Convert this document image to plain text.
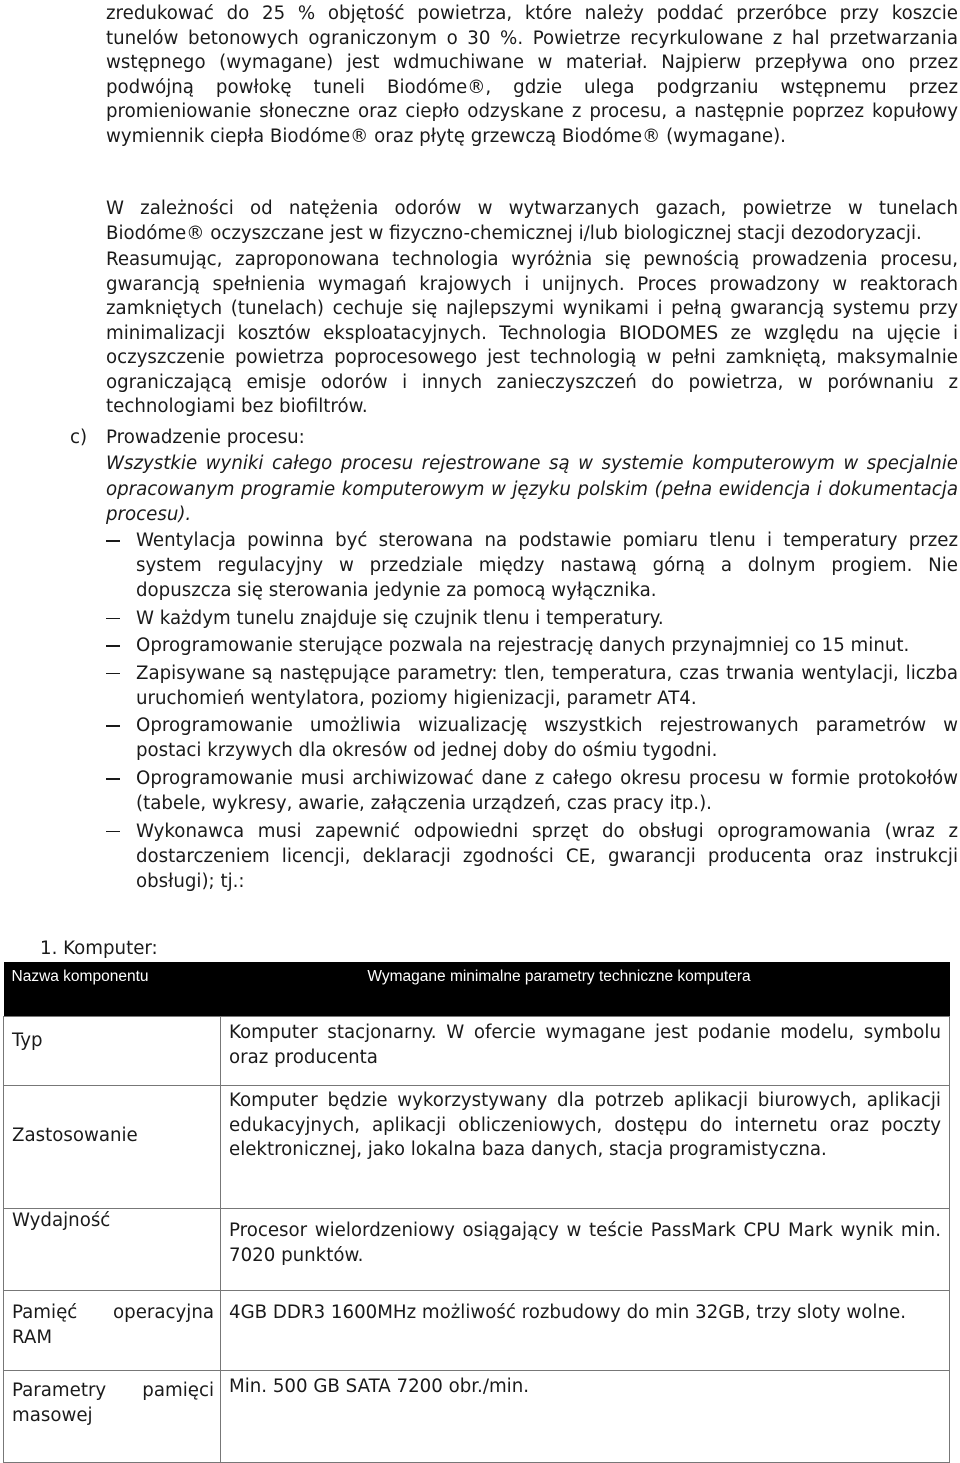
zredukować do 25 % objętość powietrza, które należy poddać przeróbce przy koszcie tunelów betonowych ograniczonym o 30 %. Powietrze recyrkulowane z hal przetwarzania wstępnego (wymagane) jest wdmuchiwane w materiał. Najpierw przepływa ono przez podwójną powłokę tuneli Biodóme®, gdzie ulega podgrzaniu wstępnemu przez promieniowanie słoneczne oraz ciepło odzyskane z procesu, a następnie poprzez kopułowy wymiennik ciepła Biodóme® oraz płytę grzewczą Biodóme® (wymagane).
W zależności od natężenia odorów w wytwarzanych gazach, powietrze w tunelach Biodóme® oczyszczane jest w fizyczno-chemicznej i/lub biologicznej stacji dezodoryzacji.
Reasumując, zaproponowana technologia wyróżnia się pewnością prowadzenia procesu, gwarancją spełnienia wymagań krajowych i unijnych. Proces prowadzony w reaktorach zamkniętych (tunelach) cechuje się najlepszymi wynikami i pełną gwarancją systemu przy minimalizacji kosztów eksploatacyjnych. Technologia BIODOMES ze względu na ujęcie i oczyszczenie powietrza poprocesowego jest technologią w pełni zamkniętą, maksymalnie ograniczającą emisje odorów i innych zanieczyszczeń do powietrza, w porównaniu z technologiami bez biofiltrów.
c) Prowadzenie procesu:
Wszystkie wyniki całego procesu rejestrowane są w systemie komputerowym w specjalnie opracowanym programie komputerowym w języku polskim (pełna ewidencja i dokumentacja procesu).
Wentylacja powinna być sterowana na podstawie pomiaru tlenu i temperatury przez system regulacyjny w przedziale między nastawą górną a dolnym progiem. Nie dopuszcza się sterowania jedynie za pomocą wyłącznika.
W każdym tunelu znajduje się czujnik tlenu i temperatury.
Oprogramowanie sterujące pozwala na rejestrację danych przynajmniej co 15 minut.
Zapisywane są następujące parametry: tlen, temperatura, czas trwania wentylacji, liczba uruchomień wentylatora, poziomy higienizacji, parametr AT4.
Oprogramowanie umożliwia wizualizację wszystkich rejestrowanych parametrów w postaci krzywych dla okresów od jednej doby do ośmiu tygodni.
Oprogramowanie musi archiwizować dane z całego okresu procesu w formie protokołów (tabele, wykresy, awarie, załączenia urządzeń, czas pracy itp.).
Wykonawca musi zapewnić odpowiedni sprzęt do obsługi oprogramowania (wraz z dostarczeniem licencji, deklaracji zgodności CE, gwarancji producenta oraz instrukcji obsługi); tj.:
1. Komputer:
Nazwa komponentu	Wymagane minimalne parametry techniczne komputera
Typ	Komputer stacjonarny. W ofercie wymagane jest podanie modelu, symbolu oraz producenta
Zastosowanie	Komputer będzie wykorzystywany dla potrzeb aplikacji biurowych, aplikacji edukacyjnych, aplikacji obliczeniowych, dostępu do internetu oraz poczty elektronicznej, jako lokalna baza danych, stacja programistyczna.
Wydajność	Procesor wielordzeniowy osiągający w teście PassMark CPU Mark wynik min. 7020 punktów.
Pamięć operacyjna RAM	4GB DDR3 1600MHz możliwość rozbudowy do min 32GB, trzy sloty wolne.
Parametry pamięci masowej	Min. 500 GB SATA 7200 obr./min.
